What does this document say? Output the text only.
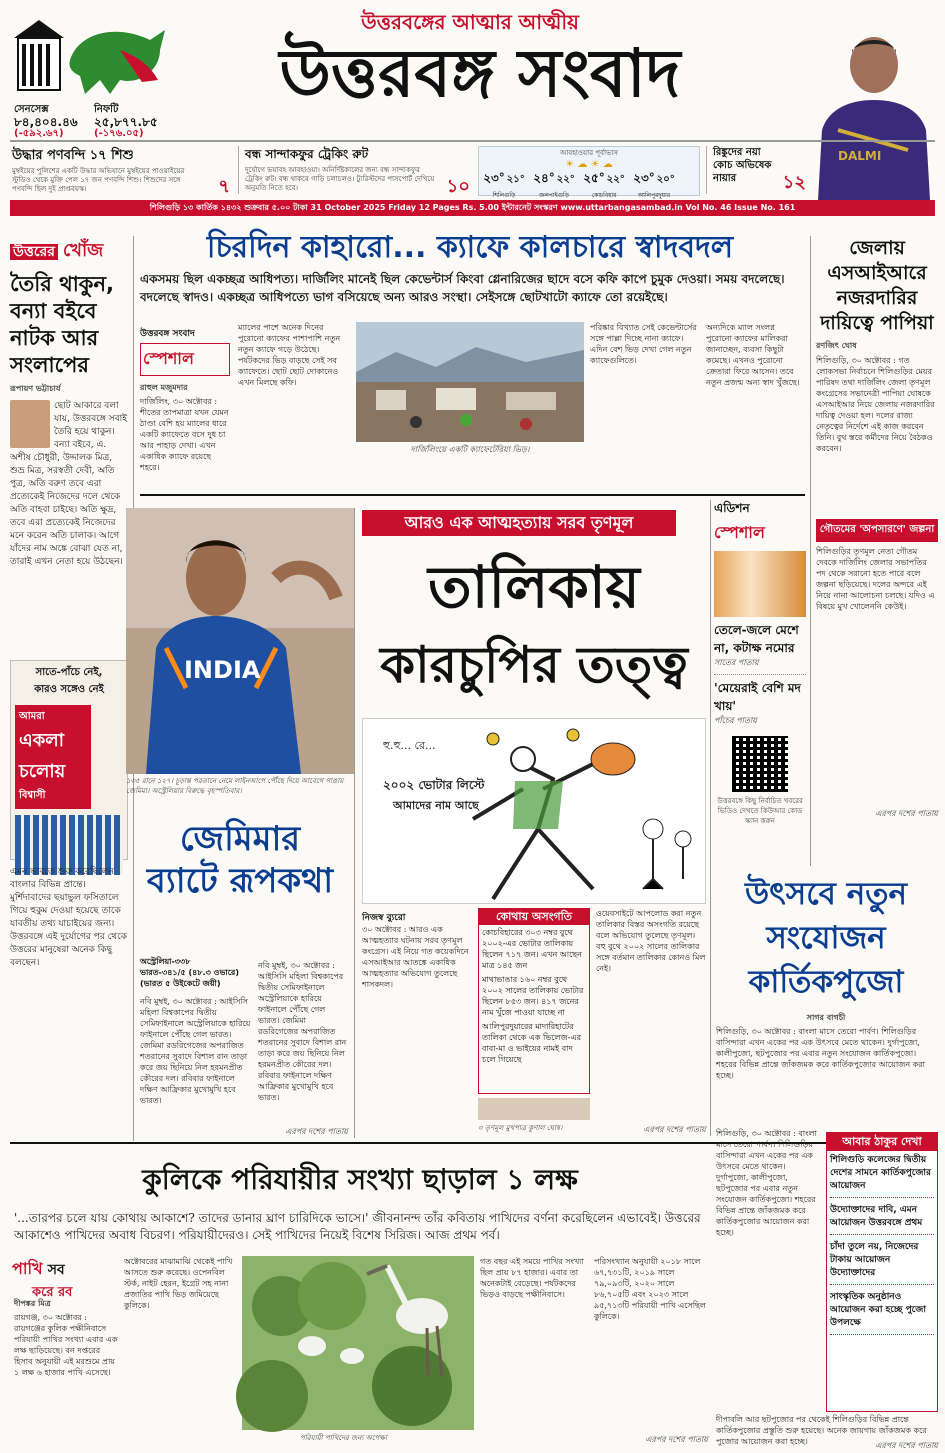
সেনসেক্স
৮৪,৪০৪.৪৬
(-৫৯২.৬৭)
নিফটি
২৫,৮৭৭.৮৫
(-১৭৬.০৫)
উত্তরবঙ্গের আত্মার আত্মীয়
উত্তরবঙ্গ সংবাদ
DALMI
উদ্ধার পণবন্দি ১৭ শিশু
মুম্বইয়ের পুলিশের একটি উদ্ধার অভিযানে মুম্বইয়ের পাওয়াইয়ের স্টুডিও থেকে মুক্তি পেল ১৭ জন পণবন্দি শিশু। শিশুদের সঙ্গে পণবন্দি ছিল দুই প্রাপ্তবয়স্ক।	৭
বন্ধ সান্দাকফুর ট্রেকিং রুট
দুর্যোগে ভয়াবহ আবহাওয়া। অনির্দিষ্টকালের জন্য বন্ধ সান্দাকফুর ট্রেকিং রুট। বন্ধ থাকবে গাড়ি চলাচলও। ট্যুরিস্টদের পাসপোর্ট দেখিয়ে অনুমতি নিতে হবে।	১০
আবহাওয়ার পূর্বাভাস
☀ ☁ ☀ ☁
২৩° ২১°
শিলিগুড়ি
২৪° ২২°
জলপাইগুড়ি
২৫° ২২°
কোচবিহার
২৩° ২০°
আলিপুরদুয়ার
রিঙ্কুদের নয়া কোচ অভিষেক নায়ার	১২
শিলিগুড়ি ১৩ কার্তিক ১৪৩২ শুক্রবার ৫.০০ টাকা 31 October 2025 Friday 12 Pages Rs. 5.00 ইন্টারনেট সংস্করণ www.uttarbangasambad.in Vol No. 46 Issue No. 161
উত্তরের খোঁজ
তৈরি থাকুন, বন্যা বইবে নাটক আর সংলাপের
রূপায়ণ ভট্টাচার্য
ছোট আকারে বলা যায়, উত্তরবঙ্গে সবাই তৈরি হয়ে থাকুন। বন্যা বইবে, এ. অশীষ চৌধুরী, উদ্দালক মিত্র, শুভ্র মিত্র, সরস্বতী দেবী, অতি পুত্র, অতি বরুণ তবে এরা প্রত্যেকেই নিজেদের দলে থেকে অতি বাহবা চাইছে। অতি ক্ষুদ্র, তবে এরা প্রত্যেকেই নিজেদের মনে করেন অতি চালাক। আগে যাঁদের নাম অঙ্কে বোঝা যেত না, তারাই এখন নেতা হয়ে উঠছেন।
সাতে-পাঁচে নেই,
কারও সঙ্গেও নেই
আমরা
একলা
চলোয়
বিশ্বাসী
এমন ভাবতে শুরু করেছিলেন বাংলার বিভিন্ন প্রান্তে। মুর্শিদাবাদের ছয়াভুল ফসিতালে গিয়ে হুকুম দেওয়া হয়েছে তাকে যাবতীয় তথ্য যাচাইয়ের জন্য। উত্তরবঙ্গে এই দুর্যোগের পর থেকে উত্তরের মানুষেরা অনেক কিছু বলছেন।
চিরদিন কাহারো... ক্যাফে কালচারে স্বাদবদল
একসময় ছিল একচ্ছত্র আধিপত্য। দার্জিলিং মানেই ছিল কেভেন্টার্স কিংবা গ্লেনারিজের ছাদে বসে কফি কাপে চুমুক দেওয়া। সময় বদলেছে। বদলেছে স্বাদও। একচ্ছত্র আধিপত্যে ভাগ বসিয়েছে অন্য আরও সংস্থা। সেইসঙ্গে ছোটখাটো ক্যাফে তো রয়েইছে।
উত্তরবঙ্গ সংবাদ
স্পেশাল
রাহুল মজুমদার
দার্জিলিং, ৩০ অক্টোবর : শীতের তাপমাত্রা যখন যেমন ঠাণ্ডা বেশি হয় ম্যালের ধারে একটি ক্যাফেতে বসে দুধ চা আর পাহাড় দেখা। এখন একাধিক ক্যাফে রয়েছে শহরে।
ম্যালের পাশে অনেক দিনের পুরোনো ক্যাফের পাশাপাশি নতুন নতুন ক্যাফে গড়ে উঠেছে। পর্যটকদের ভিড় বাড়ছে সেই সব ক্যাফেতে। ছোট ছোট দোকানেও এখন মিলছে কফি।
দার্জিলিংয়ে একটি ক্যাফেটেরিয়া ভিড়।
পরিষ্কার বিখ্যাত সেই কেভেন্টার্সের সঙ্গে পাল্লা দিচ্ছে নানা ক্যাফে। এদিন বেশ ভিড় দেখা গেল নতুন ক্যাফেগুলিতে।
অন্যদিকে ম্যাল সংলগ্ন পুরোনো ক্যাফের মালিকরা জানাচ্ছেন, ব্যবসা কিছুটা কমেছে। এখনও পুরোনো ক্রেতারা ফিরে আসেন। তবে নতুন প্রজন্ম অন্য স্বাদ খুঁজছে।
জেলায় এসআইআরে নজরদারির দায়িত্বে পাপিয়া
রণজিৎ ঘোষ
শিলিগুড়ি, ৩০ অক্টোবর : গত লোকসভা নির্বাচনে শিলিগুড়ির মেয়র পারিষদ তথা দার্জিলিং জেলা তৃণমূল কংগ্রেসের সভানেত্রী পাপিয়া ঘোষকে এসআইআর নিয়ে জেলায় নজরদারির দায়িত্ব দেওয়া হল। দলের রাজ্য নেতৃত্বের নির্দেশে এই কাজ করবেন তিনি। বুথ স্তরে কর্মীদের নিয়ে বৈঠকও করবেন।
গৌতমের 'অপসারণে' জল্পনা
শিলিগুড়ির তৃণমূল নেতা গৌতম দেবকে দার্জিলিং জেলার সভাপতির পদ থেকে সরানো হতে পারে বলে জল্পনা ছড়িয়েছে। দলের অন্দরে এই নিয়ে নানা আলোচনা চলছে। যদিও এ বিষয়ে মুখ খোলেননি কেউই।
এরপর দশের পাতায়
এডিশন
স্পেশাল
তেলে-জলে মেশে না, কটাক্ষ নমোর
সাতের পাতায়
'মেয়েরাই বেশি মদ খায়'
পাঁচের পাতায়
উত্তরবঙ্গে কিছু নির্বাচিত খবরের ভিডিও দেখতে কিউআর কোড স্ক্যান করুন
INDIA
১৩৫ রানে ১২৭। চূড়ান্ত পরতানে নেমে লাইনআপে পৌঁছে দিয়ে আবেগে গাঙায় জেমিমা। অস্ট্রেলিয়ার বিরুদ্ধে বৃহস্পতিবার।
জেমিমার ব্যাটে রূপকথা
অস্ট্রেলিয়া-৩৩৮
ভারত-৩৪১/৫ (৪৮.৩ ওভারে)
(ভারত ৫ উইকেটে জয়ী)
নবি মুম্বই, ৩০ অক্টোবর : আইসিসি মহিলা বিশ্বকাপের দ্বিতীয় সেমিফাইনালে অস্ট্রেলিয়াকে হারিয়ে ফাইনালে পৌঁছে গেল ভারত। জেমিমা রডরিগেজের অপরাজিত শতরানের সুবাদে বিশাল রান তাড়া করে জয় ছিনিয়ে নিল হরমনপ্রীত কৌরের দল। রবিবার ফাইনালে দক্ষিণ আফ্রিকার মুখোমুখি হবে ভারত।
নবি মুম্বই, ৩০ অক্টোবর : আইসিসি মহিলা বিশ্বকাপের দ্বিতীয় সেমিফাইনালে অস্ট্রেলিয়াকে হারিয়ে ফাইনালে পৌঁছে গেল ভারত। জেমিমা রডরিগেজের অপরাজিত শতরানের সুবাদে বিশাল রান তাড়া করে জয় ছিনিয়ে নিল হরমনপ্রীত কৌরের দল। রবিবার ফাইনালে দক্ষিণ আফ্রিকার মুখোমুখি হবে ভারত।
এরপর দশের পাতায়
আরও এক আত্মহত্যায় সরব তৃণমূল
তালিকায়
কারচুপির তত্ত্ব
২০০২ ভোটার লিস্টে
আমাদের নাম আছে
হু.হু... রে...
নিজস্ব ব্যুরো
৩০ অক্টোবর : আরও এক আত্মহত্যার ঘটনায় সরব তৃণমূল কংগ্রেস। এই নিয়ে গত কয়েকদিনে এসআইআর আতঙ্কে একাধিক আত্মহত্যার অভিযোগ তুলেছে শাসকদল।
কোথায় অসংগতি
কোচবিহারের ৩০৩ নম্বর বুথে ২০০২-এর ভোটার তালিকায় ছিলেন ৭১৭ জন। এখন আছেন মাত্র ১৪৫ জন
মাথাভাঙার ১৬০ নম্বর বুথে ২০০২ সালের তালিকায় ভোটার ছিলেন ৮৫৩ জন। ৪১৭ জনের নাম খুঁজে পাওয়া যাচ্ছে না
আলিপুরদুয়ারের মাদারিহাটের তালিকা থেকে এক ভিলেজ-এর বাবা-মা ও ভাইয়ের নামই বাদ চলে গিয়েছে
৩ তৃণমূল মুখপাত্র কুণাল ঘোষ।
ওয়েবসাইটে আপলোড করা নতুন তালিকার বিস্তর অসংগতি রয়েছে বলে অভিযোগ তুলেছে তৃণমূল। বহু বুথে ২০০২ সালের তালিকার সঙ্গে বর্তমান তালিকার কোনও মিল নেই।
এরপর দশের পাতায়
উৎসবে নতুন সংযোজন কার্তিকপুজো
সাগর বাগচী
শিলিগুড়ি, ৩০ অক্টোবর : বাংলা মাসে তেরো পার্বণ। শিলিগুড়ির বাসিন্দারা এখন একের পর এক উৎসবে মেতে থাকেন। দুর্গাপুজো, কালীপুজো, ছটপুজোর পর এবার নতুন সংযোজন কার্তিকপুজো। শহরের বিভিন্ন প্রান্তে জাঁকজমক করে কার্তিকপুজোর আয়োজন করা হচ্ছে।
শিলিগুড়ি, ৩০ অক্টোবর : বাংলা মাসে তেরো পার্বণ। শিলিগুড়ির বাসিন্দারা এখন একের পর এক উৎসবে মেতে থাকেন। দুর্গাপুজো, কালীপুজো, ছটপুজোর পর এবার নতুন সংযোজন কার্তিকপুজো। শহরের বিভিন্ন প্রান্তে জাঁকজমক করে কার্তিকপুজোর আয়োজন করা হচ্ছে।
আবার ঠাকুর দেখা
শিলিগুড়ি কলেজের দ্বিতীয় দেশের সামনে কার্তিকপুজোর আয়োজন
উদ্যোক্তাদের দাবি, এমন আয়োজন উত্তরবঙ্গে প্রথম
চাঁদা তুলে নয়, নিজেদের টাকায় আয়োজন উদ্যোক্তাদের
সাংস্কৃতিক অনুষ্ঠানও আয়োজন করা হচ্ছে পুজো উপলক্ষে
কুলিকে পরিযায়ীর সংখ্যা ছাড়াল ১ লক্ষ
'...তারপর চলে যায় কোথায় আকাশে? তাদের ডানার ঘ্রাণ চারিদিকে ভাসে।' জীবনানন্দ তাঁর কবিতায় পাখিদের বর্ণনা করেছিলেন এভাবেই। উত্তরের আকাশেও পাখিদের অবাধ বিচরণ। পরিযায়ীদেরও। সেই পাখিদের নিয়েই বিশেষ সিরিজ। আজ প্রথম পর্ব।
পাখি সব
করে রব
দীপঙ্কর মিত্র
রায়গঞ্জ, ৩০ অক্টোবর : রায়গঞ্জের কুলিক পক্ষীনিবাসে পরিযায়ী পাখির সংখ্যা এবার এক লক্ষ ছাড়িয়েছে। বন দপ্তরের হিসাব অনুযায়ী এই মরশুমে প্রায় ১ লক্ষ ৬ হাজার পাখি এসেছে।
অক্টোবরের মাঝামাঝি থেকেই পাখি আসতে শুরু করেছে। ওপেনবিল স্টর্ক, নাইট হেরন, ইগ্রেট সহ নানা প্রজাতির পাখি ভিড় জমিয়েছে কুলিকে।
পরিযায়ী পাখিদের জন্য অপেক্ষা
গত বছর এই সময়ে পাখির সংখ্যা ছিল প্রায় ৮৭ হাজার। এবার তা অনেকটাই বেড়েছে। পর্যটকদের ভিড়ও বাড়ছে পক্ষীনিবাসে।
পরিসংখ্যান অনুযায়ী ২০১৮ সালে ৬৭,৭৩১টি, ২০১৯ সালে ৭৯,০৯৩টি, ২০২০ সালে ৮৬,৭০৫টি এবং ২০২৩ সালে ৯৫,৭১৩টি পরিযায়ী পাখি এসেছিল কুলিকে।
এরপর দশের পাতায়
দীপাবলি আর ছটপুজোর পর থেকেই শিলিগুড়ির বিভিন্ন প্রান্তে কার্তিকপুজোর প্রস্তুতি শুরু হয়েছে। অনেক জায়গায় জাঁকজমক করে পুজোর আয়োজন করা হচ্ছে।	এরপর দশের পাতায়
